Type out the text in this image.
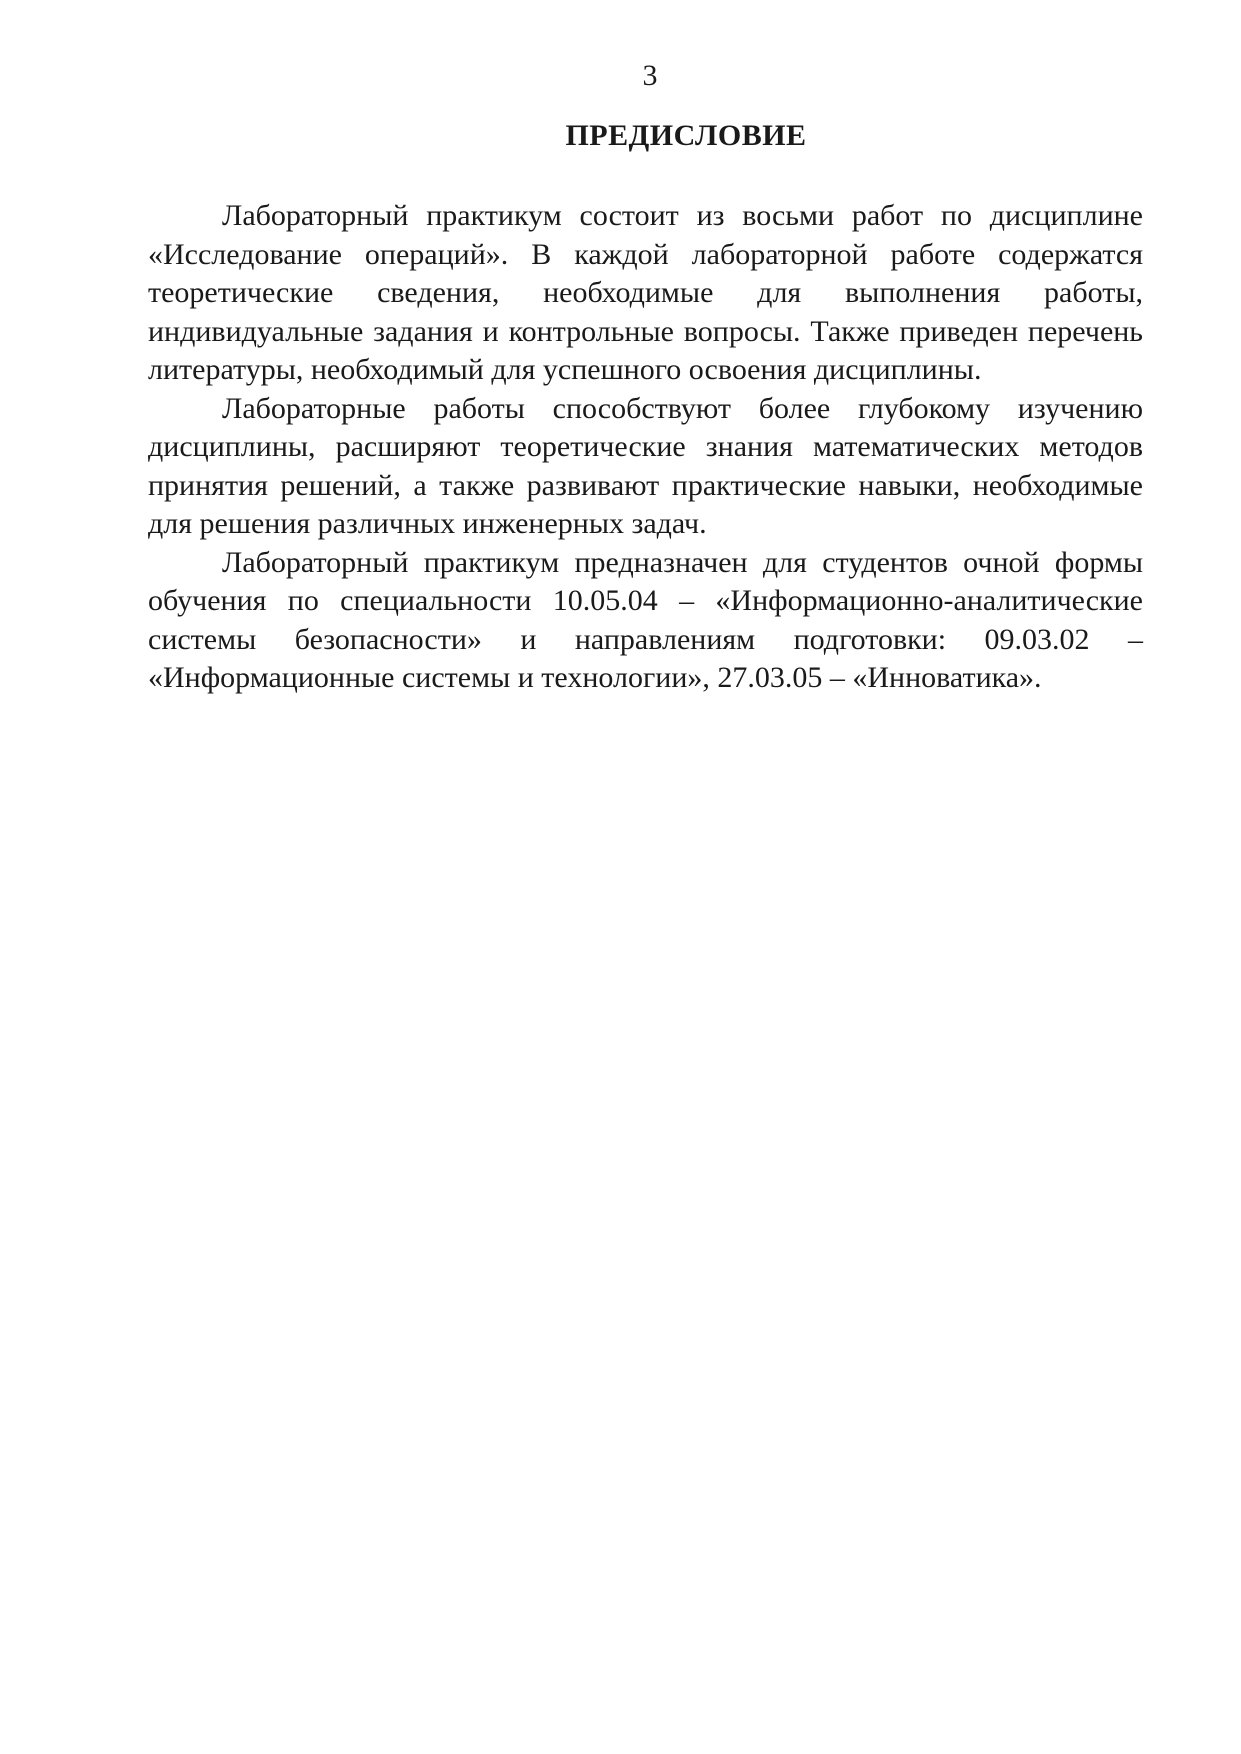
3
ПРЕДИСЛОВИЕ

Лабораторный практикум состоит из восьми работ по дисциплине «Исследование операций». В каждой лабораторной работе содержатся теоретические сведения, необходимые для выполнения работы, индивидуальные задания и контрольные вопросы. Также приведен перечень литературы, необходимый для успешного освоения дисциплины.

Лабораторные работы способствуют более глубокому изучению дисциплины, расширяют теоретические знания математических методов принятия решений, а также развивают практические навыки, необходимые для решения различных инженерных задач.

Лабораторный практикум предназначен для студентов очной формы обучения по специальности 10.05.04 – «Информационно-аналитические системы безопасности» и направлениям подготовки: 09.03.02 – «Информационные системы и технологии», 27.03.05 – «Инноватика».
